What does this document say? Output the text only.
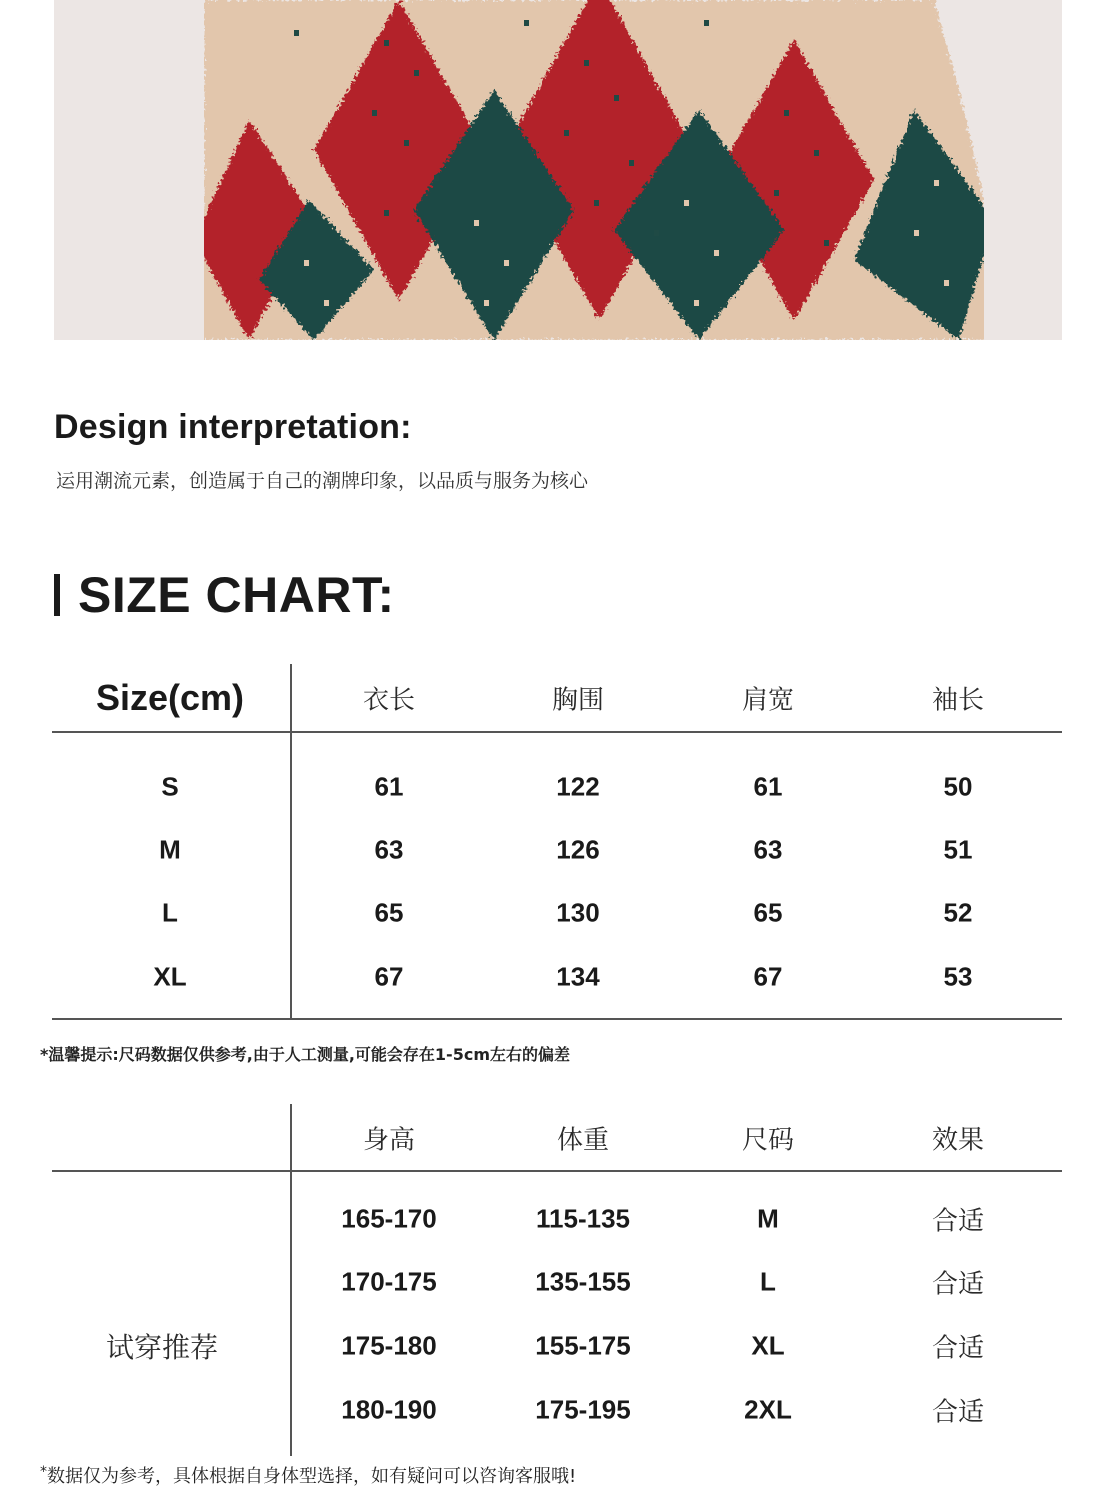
Design interpretation:
运用潮流元素，创造属于自己的潮牌印象，以品质与服务为核心
SIZE CHART:
Size(cm)	衣长	胸围	肩宽	袖长
S	61	122	61	50
M	63	126	63	51
L	65	130	65	52
XL	67	134	67	53
*温馨提示:尺码数据仅供参考,由于人工测量,可能会存在1-5cm左右的偏差
身高	体重	尺码	效果
试穿推荐
165-170	115-135	M	合适
170-175	135-155	L	合适
175-180	155-175	XL	合适
180-190	175-195	2XL	合适
*数据仅为参考，具体根据自身体型选择，如有疑问可以咨询客服哦!
